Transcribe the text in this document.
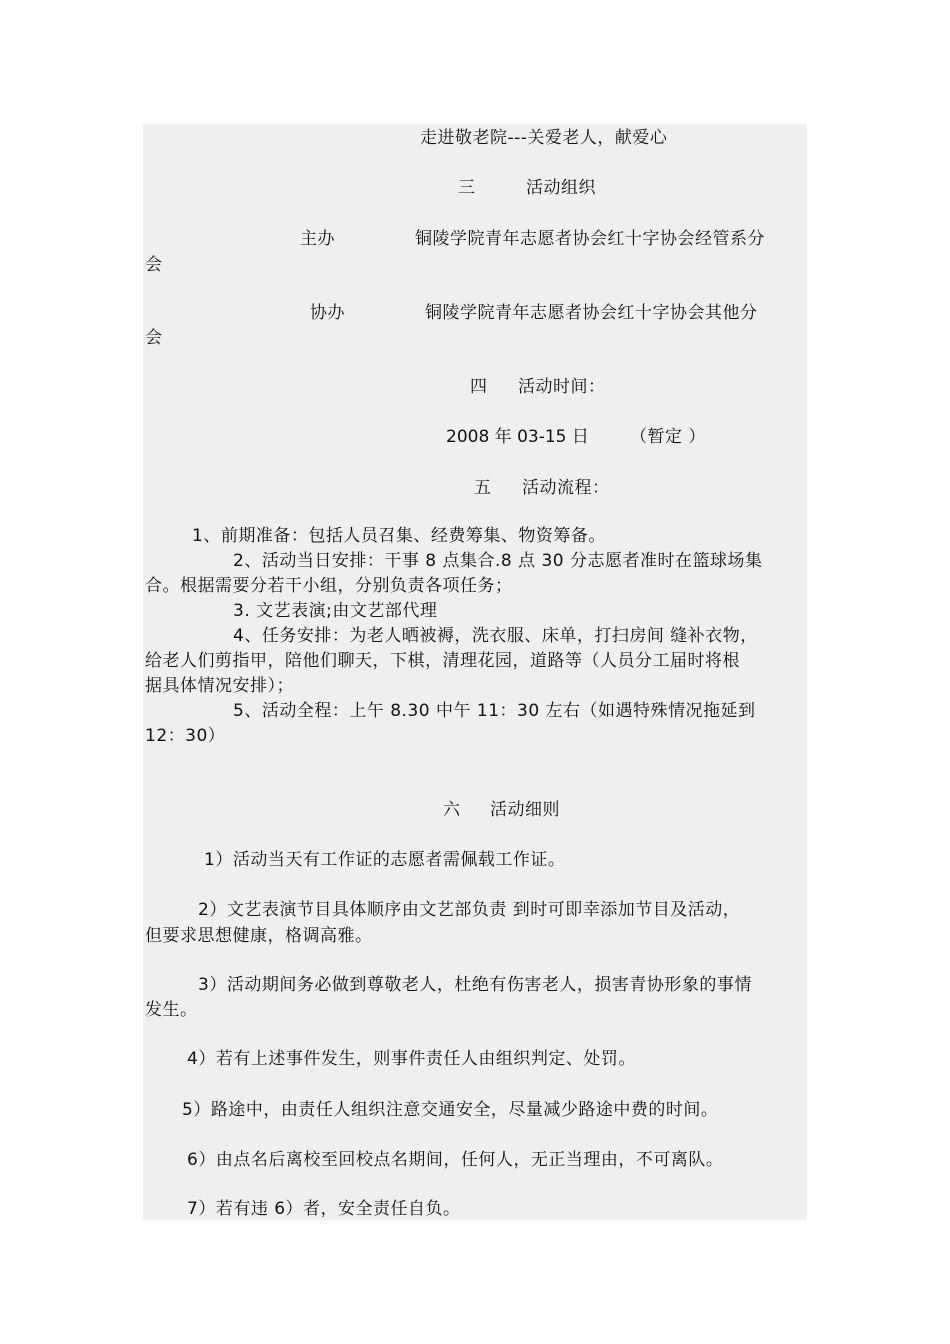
走进敬老院---关爱老人，献爱心
三	活动组织
主办	铜陵学院青年志愿者协会红十字协会经管系分
会
协办	铜陵学院青年志愿者协会红十字协会其他分
会
四 活动时间：
2008 年 03-15 日 （暂定 ）
五 活动流程：
1、前期准备：包括人员召集、经费筹集、物资筹备。
2、活动当日安排：干事 8 点集合.8 点 30 分志愿者准时在篮球场集
合。根据需要分若干小组，分别负责各项任务；
3. 文艺表演;由文艺部代理
4、任务安排：为老人晒被褥，洗衣服、床单，打扫房间 缝补衣物，
给老人们剪指甲，陪他们聊天，下棋，清理花园，道路等（人员分工届时将根
据具体情况安排）；
5、活动全程：上午 8.30 中午 11：30 左右（如遇特殊情况拖延到
12：30）
六 活动细则
1）活动当天有工作证的志愿者需佩载工作证。
2）文艺表演节目具体顺序由文艺部负责 到时可即幸添加节目及活动，
但要求思想健康，格调高雅。
3）活动期间务必做到尊敬老人，杜绝有伤害老人，损害青协形象的事情
发生。
4）若有上述事件发生，则事件责任人由组织判定、处罚。
5）路途中，由责任人组织注意交通安全，尽量减少路途中费的时间。
6）由点名后离校至回校点名期间，任何人，无正当理由，不可离队。
7）若有违 6）者，安全责任自负。
